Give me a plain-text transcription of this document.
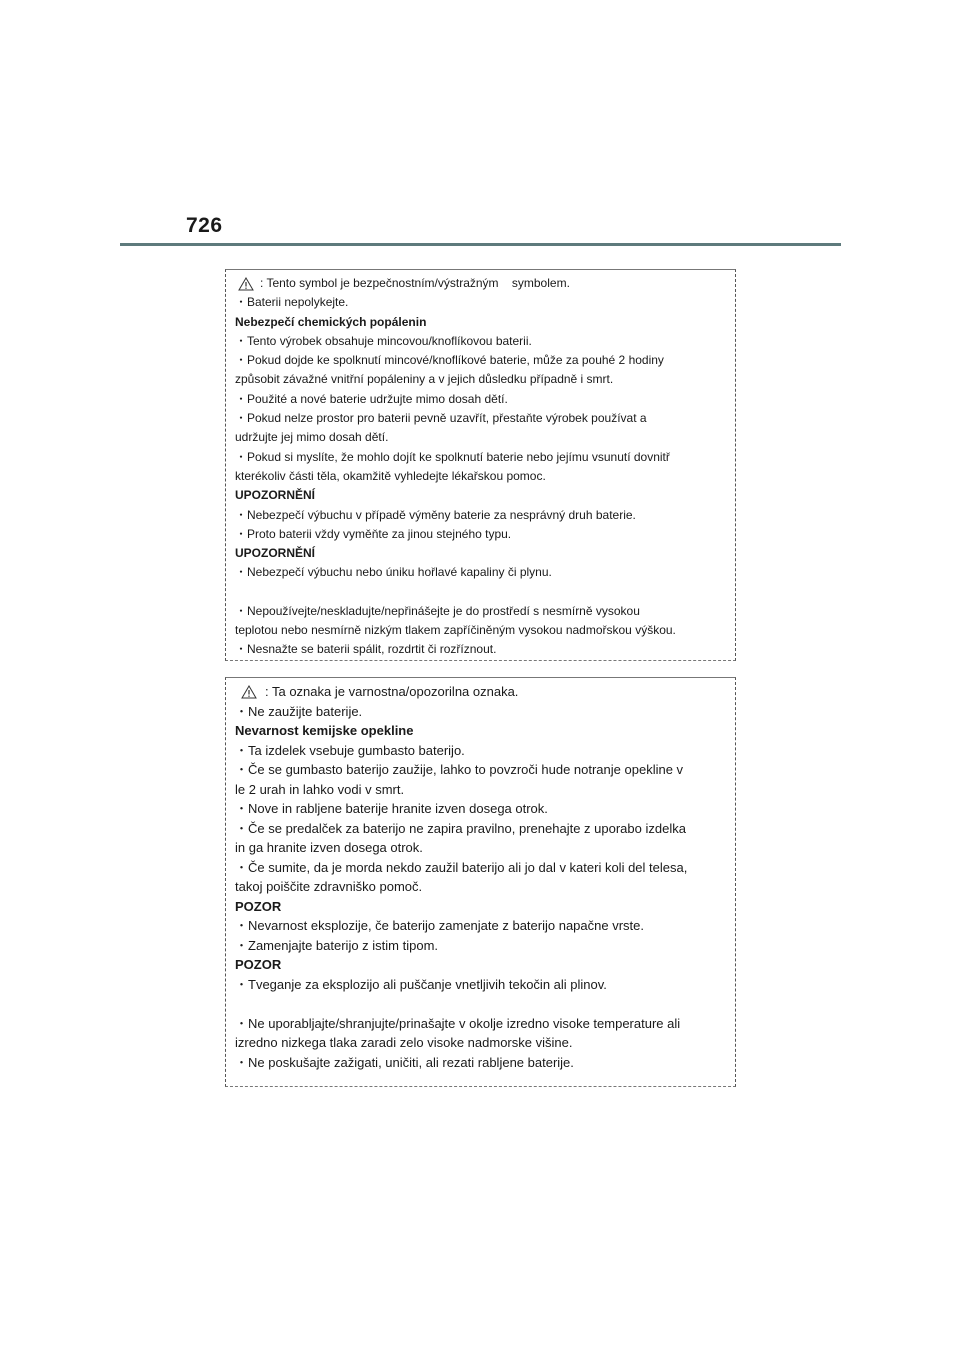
726
: Tento symbol je bezpečnostním/výstražným    symbolem.
・Baterii nepolykejte.
Nebezpečí chemických popálenin
・Tento výrobek obsahuje mincovou/knoflíkovou baterii.
・Pokud dojde ke spolknutí mincové/knoflíkové baterie, může za pouhé 2 hodiny
způsobit závažné vnitřní popáleniny a v jejich důsledku případně i smrt.
・Použité a nové baterie udržujte mimo dosah dětí.
・Pokud nelze prostor pro baterii pevně uzavřít, přestaňte výrobek používat a
udržujte jej mimo dosah dětí.
・Pokud si myslíte, že mohlo dojít ke spolknutí baterie nebo jejímu vsunutí dovnitř
kterékoliv části těla, okamžitě vyhledejte lékařskou pomoc.
UPOZORNĚNÍ
・Nebezpečí výbuchu v případě výměny baterie za nesprávný druh baterie.
・Proto baterii vždy vyměňte za jinou stejného typu.
UPOZORNĚNÍ
・Nebezpečí výbuchu nebo úniku hořlavé kapaliny či plynu.
・Nepoužívejte/neskladujte/nepřinášejte je do prostředí s nesmírně vysokou
teplotou nebo nesmírně nizkým tlakem zapříčiněným vysokou nadmořskou výškou.
・Nesnažte se baterii spálit, rozdrtit či rozříznout.
: Ta oznaka je varnostna/opozorilna oznaka.
・Ne zaužijte baterije.
Nevarnost kemijske opekline
・Ta izdelek vsebuje gumbasto baterijo.
・Če se gumbasto baterijo zaužije, lahko to povzroči hude notranje opekline v
le 2 urah in lahko vodi v smrt.
・Nove in rabljene baterije hranite izven dosega otrok.
・Če se predalček za baterijo ne zapira pravilno, prenehajte z uporabo izdelka
in ga hranite izven dosega otrok.
・Če sumite, da je morda nekdo zaužil baterijo ali jo dal v kateri koli del telesa,
takoj poiščite zdravniško pomoč.
POZOR
・Nevarnost eksplozije, če baterijo zamenjate z baterijo napačne vrste.
・Zamenjajte baterijo z istim tipom.
POZOR
・Tveganje za eksplozijo ali puščanje vnetljivih tekočin ali plinov.
・Ne uporabljajte/shranjujte/prinašajte v okolje izredno visoke temperature ali
izredno nizkega tlaka zaradi zelo visoke nadmorske višine.
・Ne poskušajte zažigati, uničiti, ali rezati rabljene baterije.
